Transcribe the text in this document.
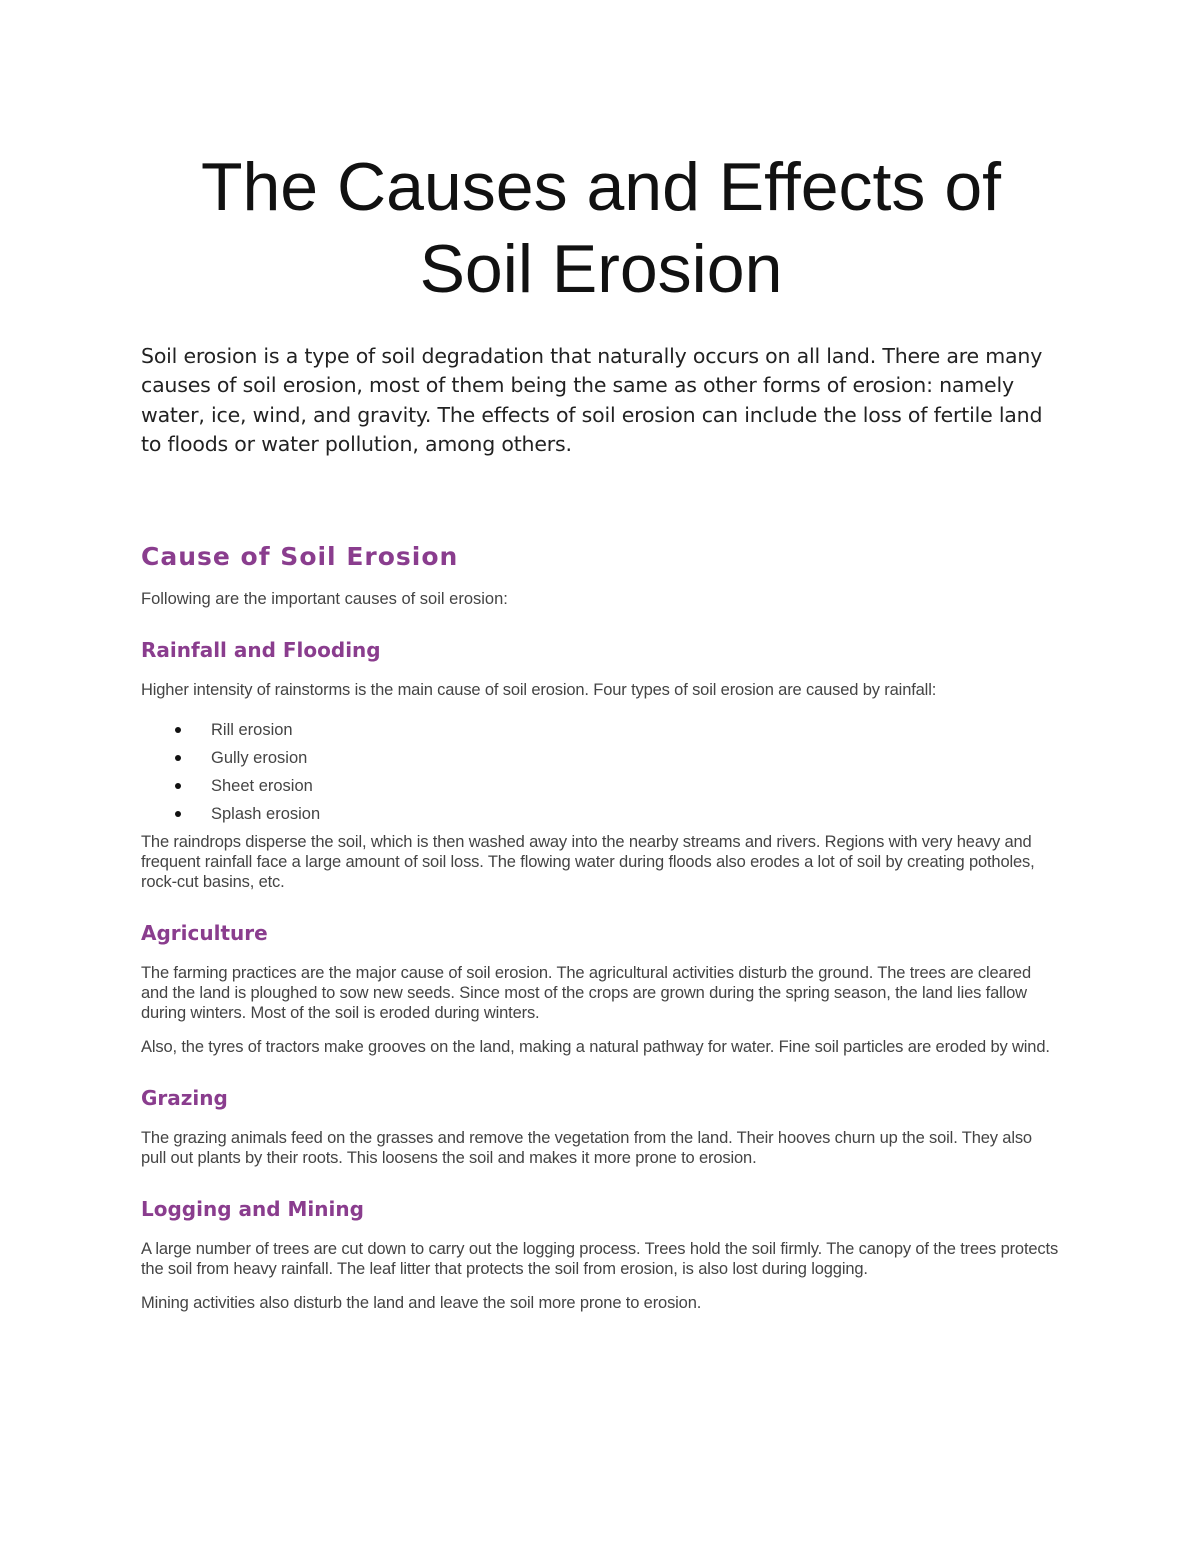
The Causes and Effects of
Soil Erosion

Soil erosion is a type of soil degradation that naturally occurs on all land. There are many causes of soil erosion, most of them being the same as other forms of erosion: namely water, ice, wind, and gravity. The effects of soil erosion can include the loss of fertile land to floods or water pollution, among others.

Cause of Soil Erosion

Following are the important causes of soil erosion:

Rainfall and Flooding

Higher intensity of rainstorms is the main cause of soil erosion. Four types of soil erosion are caused by rainfall:

Rill erosion
Gully erosion
Sheet erosion
Splash erosion

The raindrops disperse the soil, which is then washed away into the nearby streams and rivers. Regions with very heavy and frequent rainfall face a large amount of soil loss. The flowing water during floods also erodes a lot of soil by creating potholes, rock-cut basins, etc.

Agriculture

The farming practices are the major cause of soil erosion. The agricultural activities disturb the ground. The trees are cleared and the land is ploughed to sow new seeds. Since most of the crops are grown during the spring season, the land lies fallow during winters. Most of the soil is eroded during winters.

Also, the tyres of tractors make grooves on the land, making a natural pathway for water. Fine soil particles are eroded by wind.

Grazing

The grazing animals feed on the grasses and remove the vegetation from the land. Their hooves churn up the soil. They also pull out plants by their roots. This loosens the soil and makes it more prone to erosion.

Logging and Mining

A large number of trees are cut down to carry out the logging process. Trees hold the soil firmly. The canopy of the trees protects the soil from heavy rainfall. The leaf litter that protects the soil from erosion, is also lost during logging.

Mining activities also disturb the land and leave the soil more prone to erosion.
